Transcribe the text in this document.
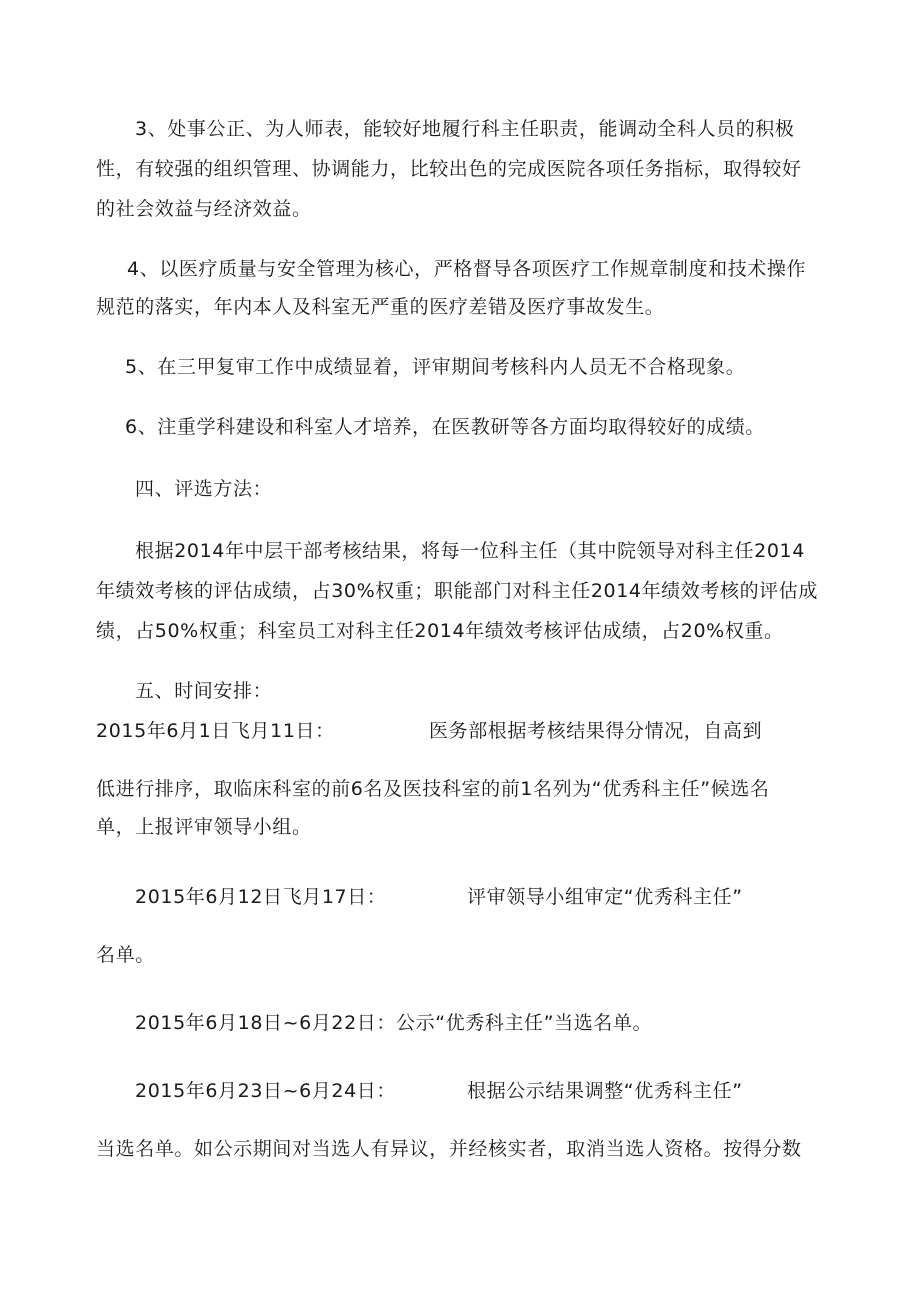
3、处事公正、为人师表，能较好地履行科主任职责，能调动全科人员的积极
性，有较强的组织管理、协调能力，比较出色的完成医院各项任务指标，取得较好
的社会效益与经济效益。
4、以医疗质量与安全管理为核心，严格督导各项医疗工作规章制度和技术操作
规范的落实，年内本人及科室无严重的医疗差错及医疗事故发生。
5、在三甲复审工作中成绩显着，评审期间考核科内人员无不合格现象。
6、注重学科建设和科室人才培养，在医教研等各方面均取得较好的成绩。
四、评选方法：
根据2014年中层干部考核结果，将每一位科主任（其中院领导对科主任2014
年绩效考核的评估成绩，占30%权重；职能部门对科主任2014年绩效考核的评估成
绩，占50%权重；科室员工对科主任2014年绩效考核评估成绩，占20%权重。
五、时间安排：
2015年6月1日飞月11日：	医务部根据考核结果得分情况，自高到
低进行排序，取临床科室的前6名及医技科室的前1名列为“优秀科主任”候选名
单，上报评审领导小组。
2015年6月12日飞月17日：	评审领导小组审定“优秀科主任”
名单。
2015年6月18日~6月22日：公示“优秀科主任”当选名单。
2015年6月23日~6月24日：	根据公示结果调整“优秀科主任”
当选名单。如公示期间对当选人有异议，并经核实者，取消当选人资格。按得分数
